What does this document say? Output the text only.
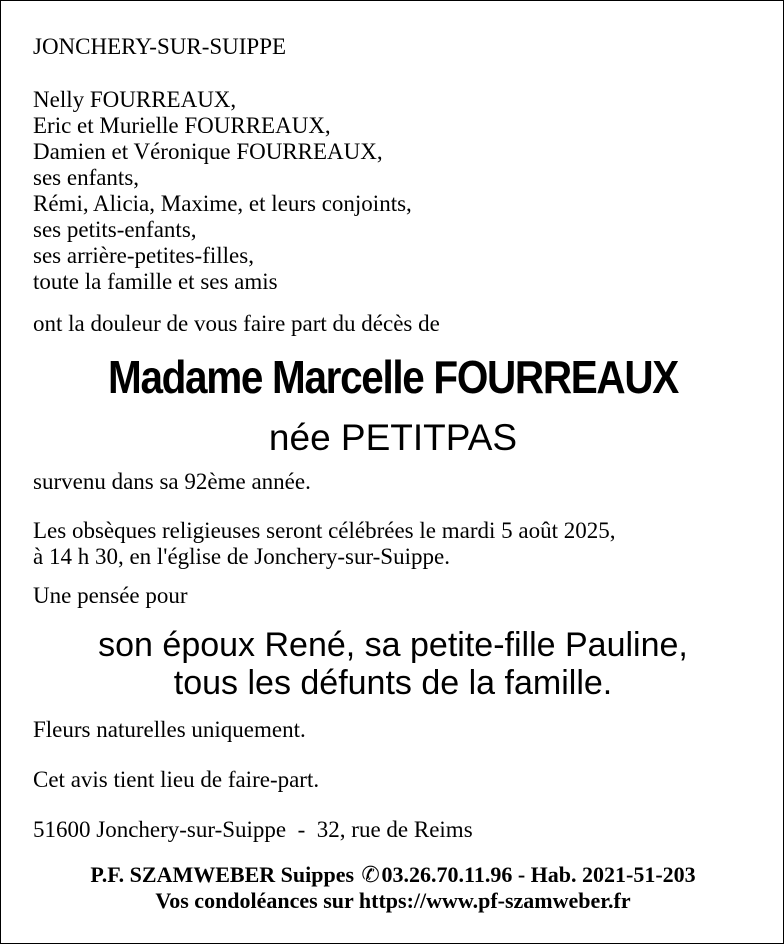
JONCHERY-SUR-SUIPPE

Nelly FOURREAUX,
Eric et Murielle FOURREAUX,
Damien et Véronique FOURREAUX,
ses enfants,
Rémi, Alicia, Maxime, et leurs conjoints,
ses petits-enfants,
ses arrière-petites-filles,
toute la famille et ses amis

ont la douleur de vous faire part du décès de

Madame Marcelle FOURREAUX

née PETITPAS

survenu dans sa 92ème année.

Les obsèques religieuses seront célébrées le mardi 5 août 2025,

à 14 h 30, en l'église de Jonchery-sur-Suippe.

Une pensée pour

son époux René, sa petite-fille Pauline,

tous les défunts de la famille.

Fleurs naturelles uniquement.

Cet avis tient lieu de faire-part.

51600 Jonchery-sur-Suippe  -  32, rue de Reims

P.F. SZAMWEBER Suippes ✆03.26.70.11.96 - Hab. 2021-51-203

Vos condoléances sur https://www.pf-szamweber.fr
